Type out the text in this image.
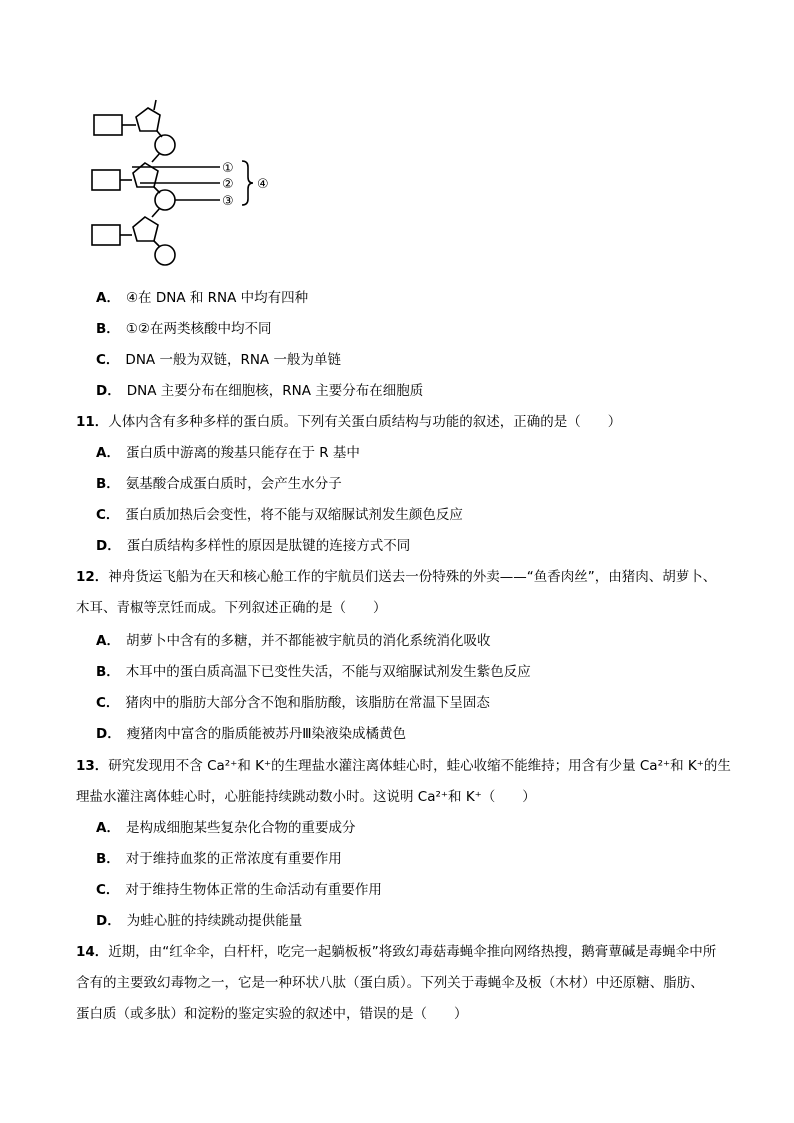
①
②
③
④
A． ④在 DNA 和 RNA 中均有四种
B． ①②在两类核酸中均不同
C． DNA 一般为双链，RNA 一般为单链
D． DNA 主要分布在细胞核，RNA 主要分布在细胞质
11．人体内含有多种多样的蛋白质。下列有关蛋白质结构与功能的叙述，正确的是（　　）
A． 蛋白质中游离的羧基只能存在于 R 基中
B． 氨基酸合成蛋白质时，会产生水分子
C． 蛋白质加热后会变性，将不能与双缩脲试剂发生颜色反应
D． 蛋白质结构多样性的原因是肽键的连接方式不同
12．神舟货运飞船为在天和核心舱工作的宇航员们送去一份特殊的外卖——“鱼香肉丝”，由猪肉、胡萝卜、
木耳、青椒等烹饪而成。下列叙述正确的是（　　）
A． 胡萝卜中含有的多糖，并不都能被宇航员的消化系统消化吸收
B． 木耳中的蛋白质高温下已变性失活，不能与双缩脲试剂发生紫色反应
C． 猪肉中的脂肪大部分含不饱和脂肪酸，该脂肪在常温下呈固态
D． 瘦猪肉中富含的脂质能被苏丹Ⅲ染液染成橘黄色
13．研究发现用不含 Ca²⁺和 K⁺的生理盐水灌注离体蛙心时，蛙心收缩不能维持；用含有少量 Ca²⁺和 K⁺的生
理盐水灌注离体蛙心时，心脏能持续跳动数小时。这说明 Ca²⁺和 K⁺（　　）
A． 是构成细胞某些复杂化合物的重要成分
B． 对于维持血浆的正常浓度有重要作用
C． 对于维持生物体正常的生命活动有重要作用
D． 为蛙心脏的持续跳动提供能量
14．近期，由“红伞伞，白杆杆，吃完一起躺板板”将致幻毒菇毒蝇伞推向网络热搜，鹅膏蕈碱是毒蝇伞中所
含有的主要致幻毒物之一，它是一种环状八肽（蛋白质）。下列关于毒蝇伞及板（木材）中还原糖、脂肪、
蛋白质（或多肽）和淀粉的鉴定实验的叙述中，错误的是（　　）
